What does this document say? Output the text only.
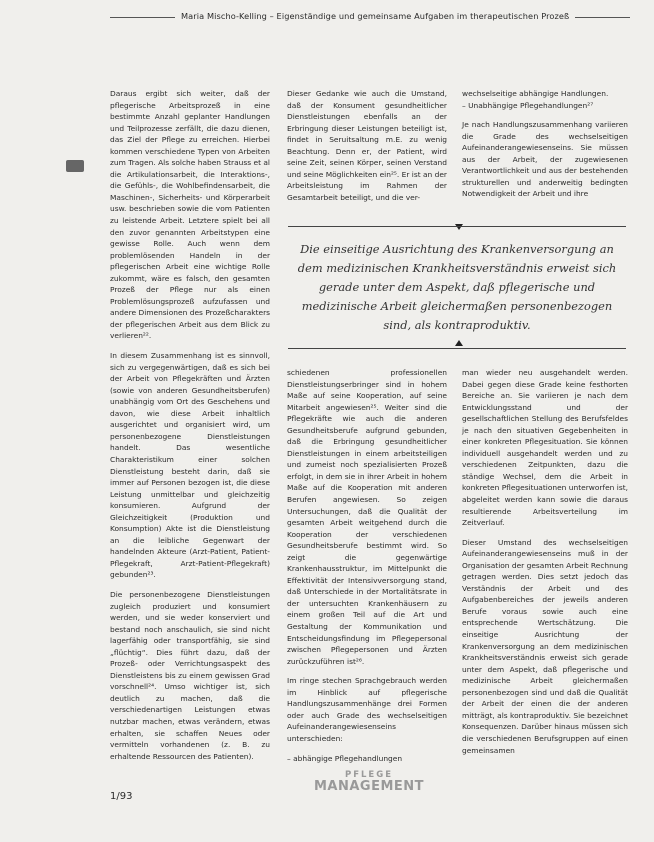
Maria Mischo-Kelling – Eigenständige und gemeinsame Aufgaben im therapeutischen Prozeß

Daraus ergibt sich weiter, daß der pflegerische Arbeitsprozeß in eine bestimmte Anzahl geplanter Handlungen und Teilprozesse zerfällt, die dazu dienen, das Ziel der Pflege zu erreichen. Hierbei kommen verschiedene Typen von Arbeiten zum Tragen. Als solche haben Strauss et al die Artikulationsarbeit, die Interaktions-, die Gefühls-, die Wohlbefindensarbeit, die Maschinen-, Sicherheits- und Körperarbeit usw. beschrieben sowie die vom Patienten zu leistende Arbeit. Letztere spielt bei all den zuvor genannten Arbeitstypen eine gewisse Rolle. Auch wenn dem problemlösenden Handeln in der pflegerischen Arbeit eine wichtige Rolle zukommt, wäre es falsch, den gesamten Prozeß der Pflege nur als einen Problemlösungsprozeß aufzufassen und andere Dimensionen des Prozeßcharakters der pflegerischen Arbeit aus dem Blick zu verlieren²².

In diesem Zusammenhang ist es sinnvoll, sich zu vergegenwärtigen, daß es sich bei der Arbeit von Pflegekräften und Ärzten (sowie von anderen Gesundheitsberufen) unabhängig vom Ort des Geschehens und davon, wie diese Arbeit inhaltlich ausgerichtet und organisiert wird, um personenbezogene Dienstleistungen handelt. Das wesentliche Charakteristikum einer solchen Dienstleistung besteht darin, daß sie immer auf Personen bezogen ist, die diese Leistung unmittelbar und gleichzeitig konsumieren. Aufgrund der Gleichzeitigkeit (Produktion und Konsumption) Akte ist die Dienstleistung an die leibliche Gegenwart der handelnden Akteure (Arzt-Patient, Patient-Pflegekraft, Arzt-Patient-Pflegekraft) gebunden²³.

Die personenbezogene Dienstleistungen zugleich produziert und konsumiert werden, und sie weder konserviert und bestand noch anschaulich, sie sind nicht lagerfähig oder transportfähig, sie sind „flüchtig“. Dies führt dazu, daß der Prozeß- oder Verrichtungsaspekt des Dienstleistens bis zu einem gewissen Grad vorschnell²⁴. Umso wichtiger ist, sich deutlich zu machen, daß die verschiedenartigen Leistungen etwas nutzbar machen, etwas verändern, etwas erhalten, sie schaffen Neues oder vermitteln vorhandenen (z. B. zu erhaltende Ressourcen des Patienten).

Dieser Gedanke wie auch die Umstand, daß der Konsument gesundheitlicher Dienstleistungen ebenfalls an der Erbringung dieser Leistungen beteiligt ist, findet in Seruitsaltung m.E. zu wenig Beachtung. Denn er, der Patient, wird seine Zeit, seinen Körper, seinen Verstand und seine Möglichkeiten ein²⁵. Er ist an der Arbeitsleistung im Rahmen der Gesamtarbeit beteiligt, und die ver-

wechselseitige abhängige Handlungen.

– Unabhängige Pflegehandlungen²⁷

Je nach Handlungszusammenhang variieren die Grade des wechselseitigen Aufeinanderangewiesenseins. Sie müssen aus der Arbeit, der zugewiesenen Verantwortlichkeit und aus der bestehenden strukturellen und anderweitig bedingten Notwendigkeit der Arbeit und ihre

Die einseitige Ausrichtung des Krankenversorgung an dem medizinischen Krankheitsverständnis erweist sich gerade unter dem Aspekt, daß pflegerische und medizinische Arbeit gleichermaßen personenbezogen sind, als kontraproduktiv.

schiedenen professionellen Dienstleistungserbringer sind in hohem Maße auf seine Kooperation, auf seine Mitarbeit angewiesen²⁵. Weiter sind die Pflegekräfte wie auch die anderen Gesundheitsberufe aufgrund gebunden, daß die Erbringung gesundheitlicher Dienstleistungen in einem arbeitsteiligen und zumeist noch spezialisierten Prozeß erfolgt, in dem sie in ihrer Arbeit in hohem Maße auf die Kooperation mit anderen Berufen angewiesen. So zeigen Untersuchungen, daß die Qualität der gesamten Arbeit weitgehend durch die Kooperation der verschiedenen Gesundheitsberufe bestimmt wird. So zeigt die gegenwärtige Krankenhausstruktur, im Mittelpunkt die Effektivität der Intensivversorgung stand, daß Unterschiede in der Mortalitätsrate in der untersuchten Krankenhäusern zu einem großen Teil auf die Art und Gestaltung der Kommunikation und Entscheidungsfindung im Pflegepersonal zwischen Pflegepersonen und Ärzten zurückzuführen ist²⁶.

Im ringe stechen Sprachgebrauch werden im Hinblick auf pflegerische Handlungszusammenhänge drei Formen oder auch Grade des wechselseitigen Aufeinanderangewiesenseins unterschieden:

– abhängige Pflegehandlungen

man wieder neu ausgehandelt werden. Dabei gegen diese Grade keine festhorten Bereiche an. Sie variieren je nach dem Entwicklungsstand und der gesellschaftlichen Stellung des Berufsfeldes je nach den situativen Gegebenheiten in einer konkreten Pflegesituation. Sie können individuell ausgehandelt werden und zu verschiedenen Zeitpunkten, dazu die ständige Wechsel, dem die Arbeit in konkreten Pflegesituationen unterworfen ist, abgeleitet werden kann sowie die daraus resultierende Arbeitsverteilung im Zeitverlauf.

Dieser Umstand des wechselseitigen Aufeinanderangewiesenseins muß in der Organisation der gesamten Arbeit Rechnung getragen werden. Dies setzt jedoch das Verständnis der Arbeit und des Aufgabenbereiches der jeweils anderen Berufe voraus sowie auch eine entsprechende Wertschätzung. Die einseitige Ausrichtung der Krankenversorgung an dem medizinischen Krankheitsverständnis erweist sich gerade unter dem Aspekt, daß pflegerische und medizinische Arbeit gleichermaßen personenbezogen sind und daß die Qualität der Arbeit der einen die der anderen mitträgt, als kontraproduktiv. Sie bezeichnet Konsequenzen. Darüber hinaus müssen sich die verschiedenen Berufsgruppen auf einen gemeinsamen

1/93
PFLEGE
MANAGEMENT
